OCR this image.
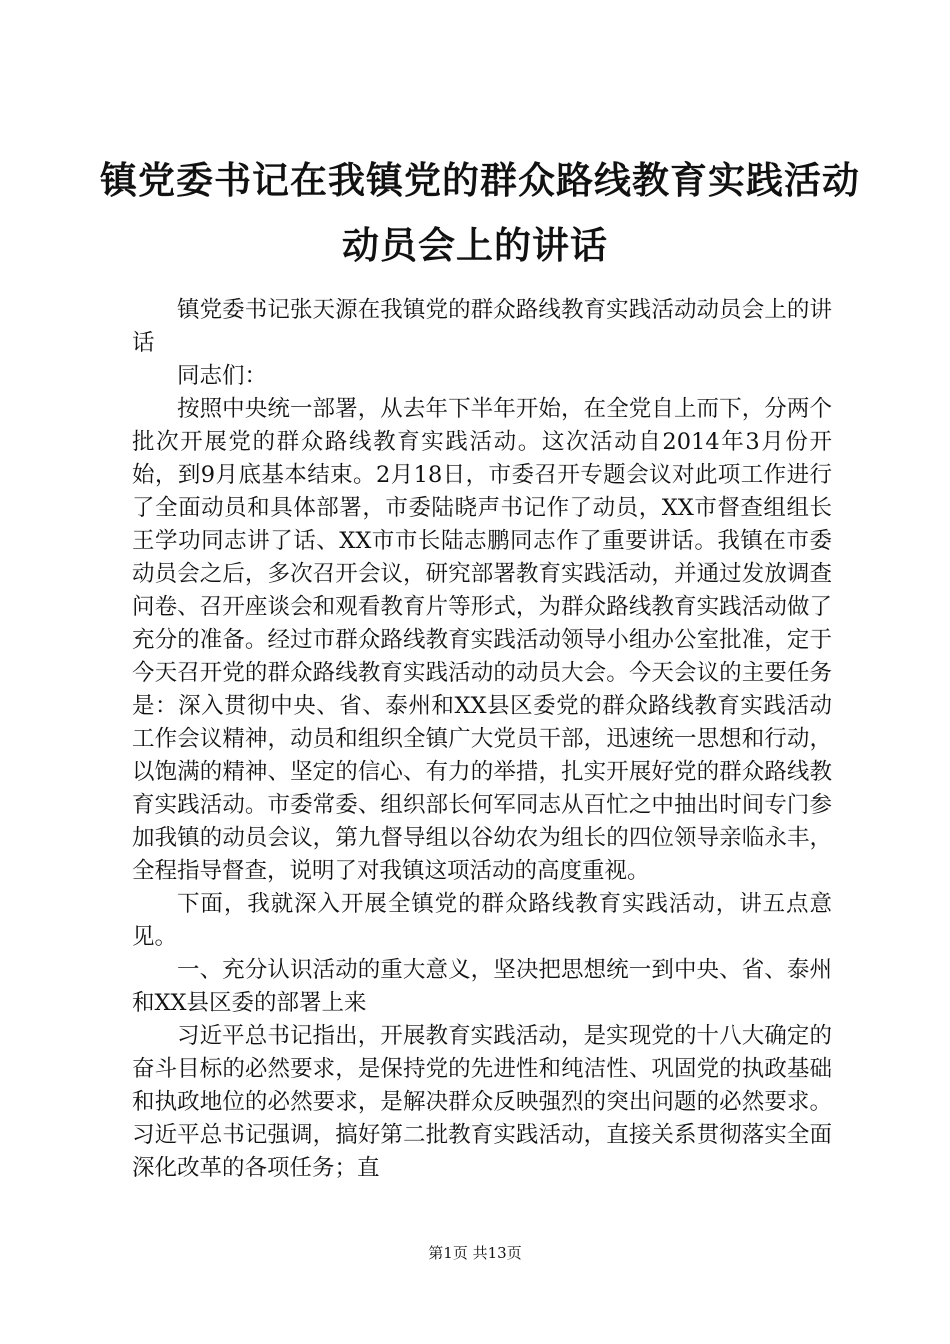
镇党委书记在我镇党的群众路线教育实践活动
动员会上的讲话

镇党委书记张天源在我镇党的群众路线教育实践活动动员会上的讲话

同志们：

按照中央统一部署，从去年下半年开始，在全党自上而下，分两个批次开展党的群众路线教育实践活动。这次活动自2014年3月份开始，到9月底基本结束。2月18日，市委召开专题会议对此项工作进行了全面动员和具体部署，市委陆晓声书记作了动员，XX市督查组组长王学功同志讲了话、XX市市长陆志鹏同志作了重要讲话。我镇在市委动员会之后，多次召开会议，研究部署教育实践活动，并通过发放调查问卷、召开座谈会和观看教育片等形式，为群众路线教育实践活动做了充分的准备。经过市群众路线教育实践活动领导小组办公室批准，定于今天召开党的群众路线教育实践活动的动员大会。今天会议的主要任务是：深入贯彻中央、省、泰州和XX县区委党的群众路线教育实践活动工作会议精神，动员和组织全镇广大党员干部，迅速统一思想和行动，以饱满的精神、坚定的信心、有力的举措，扎实开展好党的群众路线教育实践活动。市委常委、组织部长何军同志从百忙之中抽出时间专门参加我镇的动员会议，第九督导组以谷幼农为组长的四位领导亲临永丰，全程指导督查，说明了对我镇这项活动的高度重视。

下面，我就深入开展全镇党的群众路线教育实践活动，讲五点意见。

一、充分认识活动的重大意义，坚决把思想统一到中央、省、泰州和XX县区委的部署上来

习近平总书记指出，开展教育实践活动，是实现党的十八大确定的奋斗目标的必然要求，是保持党的先进性和纯洁性、巩固党的执政基础和执政地位的必然要求，是解决群众反映强烈的突出问题的必然要求。习近平总书记强调，搞好第二批教育实践活动，直接关系贯彻落实全面深化改革的各项任务；直

第1页 共13页
